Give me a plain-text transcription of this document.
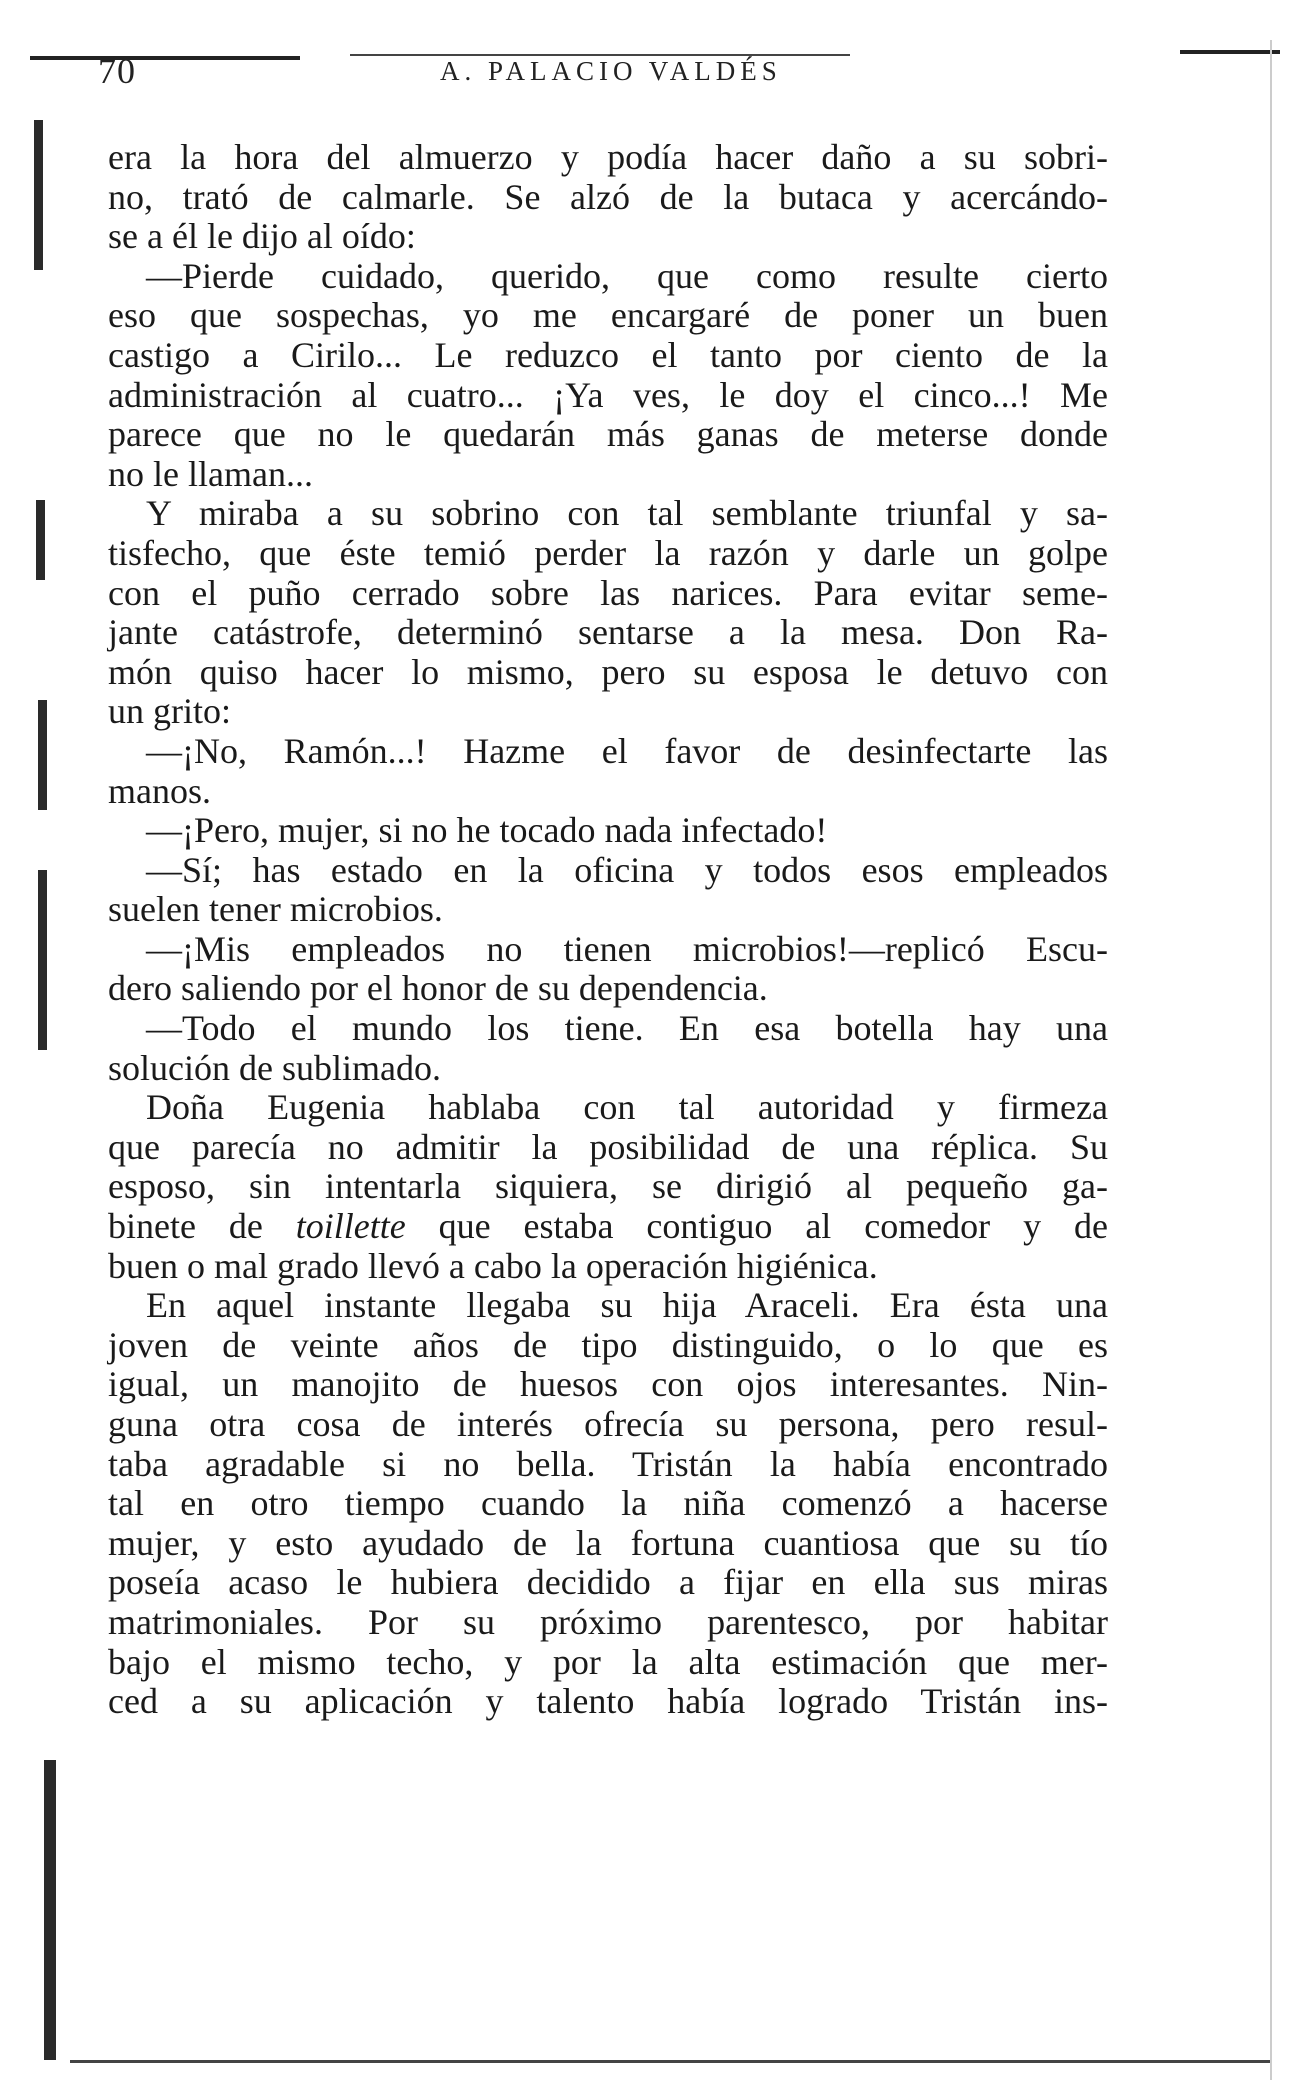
70	A. PALACIO VALDÉS
era la hora del almuerzo y podía hacer daño a su sobri-
no, trató de calmarle. Se alzó de la butaca y acercándo-
se a él le dijo al oído:
—Pierde cuidado, querido, que como resulte cierto
eso que sospechas, yo me encargaré de poner un buen
castigo a Cirilo... Le reduzco el tanto por ciento de la
administración al cuatro... ¡Ya ves, le doy el cinco...! Me
parece que no le quedarán más ganas de meterse donde
no le llaman...
Y miraba a su sobrino con tal semblante triunfal y sa-
tisfecho, que éste temió perder la razón y darle un golpe
con el puño cerrado sobre las narices. Para evitar seme-
jante catástrofe, determinó sentarse a la mesa. Don Ra-
món quiso hacer lo mismo, pero su esposa le detuvo con
un grito:
—¡No, Ramón...! Hazme el favor de desinfectarte las
manos.
—¡Pero, mujer, si no he tocado nada infectado!
—Sí; has estado en la oficina y todos esos empleados
suelen tener microbios.
—¡Mis empleados no tienen microbios!—replicó Escu-
dero saliendo por el honor de su dependencia.
—Todo el mundo los tiene. En esa botella hay una
solución de sublimado.
Doña Eugenia hablaba con tal autoridad y firmeza
que parecía no admitir la posibilidad de una réplica. Su
esposo, sin intentarla siquiera, se dirigió al pequeño ga-
binete de toillette que estaba contiguo al comedor y de
buen o mal grado llevó a cabo la operación higiénica.
En aquel instante llegaba su hija Araceli. Era ésta una
joven de veinte años de tipo distinguido, o lo que es
igual, un manojito de huesos con ojos interesantes. Nin-
guna otra cosa de interés ofrecía su persona, pero resul-
taba agradable si no bella. Tristán la había encontrado
tal en otro tiempo cuando la niña comenzó a hacerse
mujer, y esto ayudado de la fortuna cuantiosa que su tío
poseía acaso le hubiera decidido a fijar en ella sus miras
matrimoniales. Por su próximo parentesco, por habitar
bajo el mismo techo, y por la alta estimación que mer-
ced a su aplicación y talento había logrado Tristán ins-
